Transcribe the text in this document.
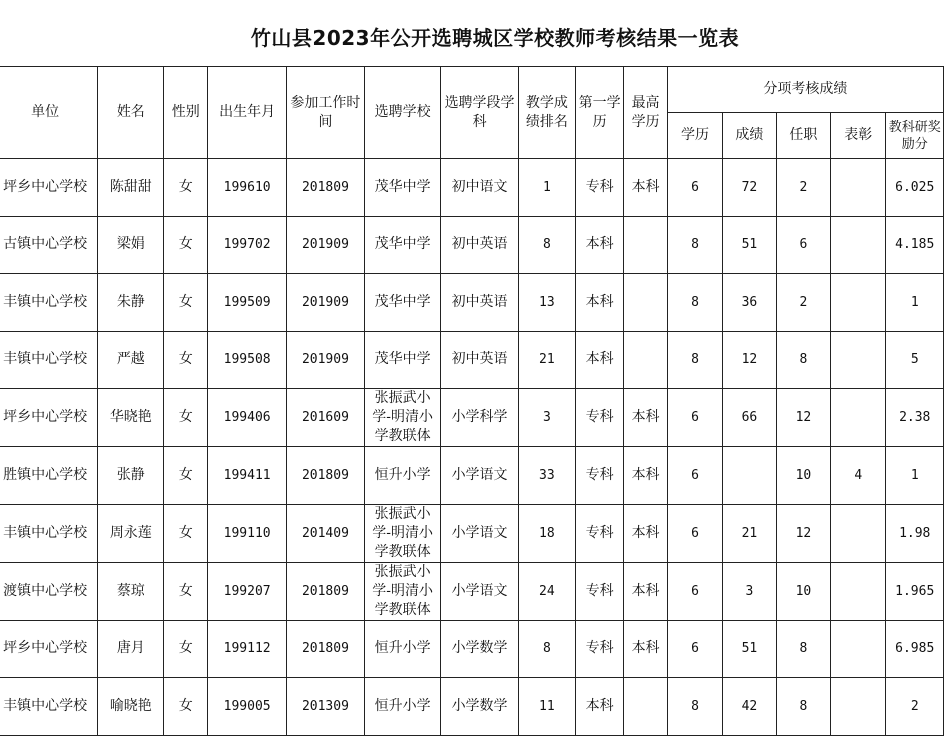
竹山县2023年公开选聘城区学校教师考核结果一览表
单位	姓名	性别	出生年月	参加工作时间	选聘学校	选聘学段学科	教学成绩排名	第一学历	最高学历	分项考核成绩				
										学历	成绩	任职	表彰	教科研奖励分
坪乡中心学校	陈甜甜	女	199610	201809	茂华中学	初中语文	1	专科	本科	6	72	2		6.025
古镇中心学校	梁娟	女	199702	201909	茂华中学	初中英语	8	本科		8	51	6		4.185
丰镇中心学校	朱静	女	199509	201909	茂华中学	初中英语	13	本科		8	36	2		1
丰镇中心学校	严越	女	199508	201909	茂华中学	初中英语	21	本科		8	12	8		5
坪乡中心学校	华晓艳	女	199406	201609	张振武小学-明清小学教联体	小学科学	3	专科	本科	6	66	12		2.38
胜镇中心学校	张静	女	199411	201809	恒升小学	小学语文	33	专科	本科	6		10	4	1
丰镇中心学校	周永莲	女	199110	201409	张振武小学-明清小学教联体	小学语文	18	专科	本科	6	21	12		1.98
渡镇中心学校	蔡琼	女	199207	201809	张振武小学-明清小学教联体	小学语文	24	专科	本科	6	3	10		1.965
坪乡中心学校	唐月	女	199112	201809	恒升小学	小学数学	8	专科	本科	6	51	8		6.985
丰镇中心学校	喻晓艳	女	199005	201309	恒升小学	小学数学	11	本科		8	42	8		2
